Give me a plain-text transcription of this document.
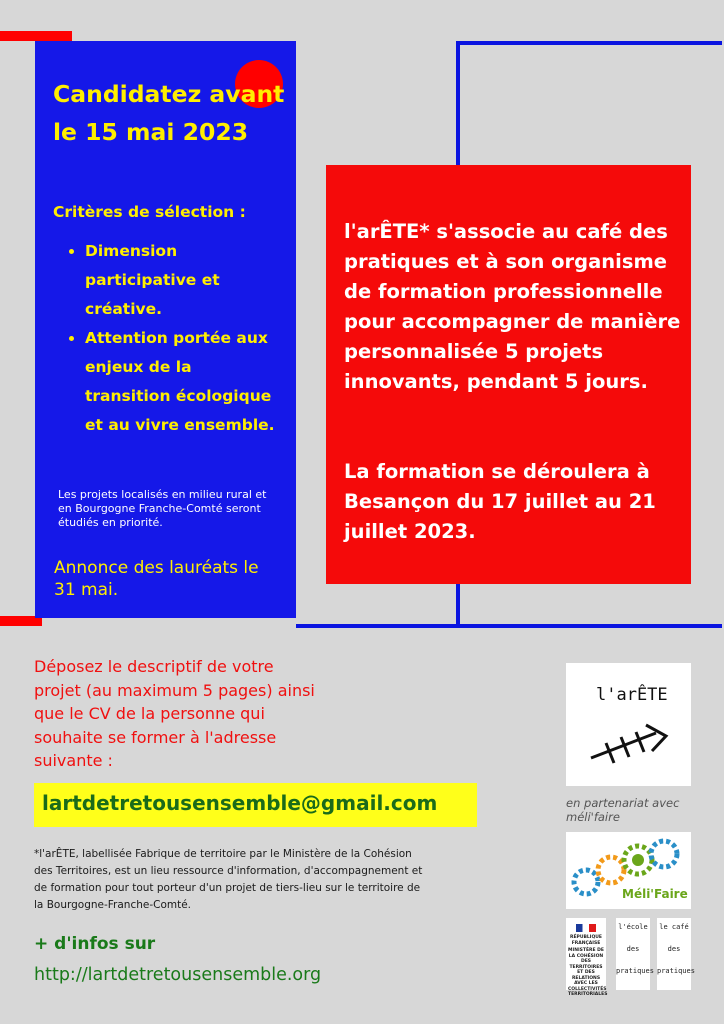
Candidatez avant le 15 mai 2023
Critères de sélection :
• Dimension participative et créative.
• Attention portée aux enjeux de la transition écologique et au vivre ensemble.
Les projets localisés en milieu rural et en Bourgogne Franche-Comté seront étudiés en priorité.
Annonce des lauréats le 31 mai.

l'arÊTE* s'associe au café des pratiques et à son organisme de formation professionnelle pour accompagner de manière personnalisée 5 projets innovants, pendant 5 jours.

La formation se déroulera à Besançon du 17 juillet au 21 juillet 2023.

Déposez le descriptif de votre projet (au maximum 5 pages) ainsi que le CV de la personne qui souhaite se former à l'adresse suivante :
lartdetretousensemble@gmail.com
*l'arÊTE, labellisée Fabrique de territoire par le Ministère de la Cohésion des Territoires, est un lieu ressource d'information, d'accompagnement et de formation pour tout porteur d'un projet de tiers-lieu sur le territoire de la Bourgogne-Franche-Comté.
+ d'infos sur
http://lartdetretousensemble.org
l'arÊTE
en partenariat avec méli'faire
Méli'Faire
RÉPUBLIQUE FRANÇAISE
MINISTÈRE DE LA COHÉSION DES TERRITOIRES ET DES RELATIONS AVEC LES COLLECTIVITÉS TERRITORIALES
l'école
des
pratiques
le café
des
pratiques
